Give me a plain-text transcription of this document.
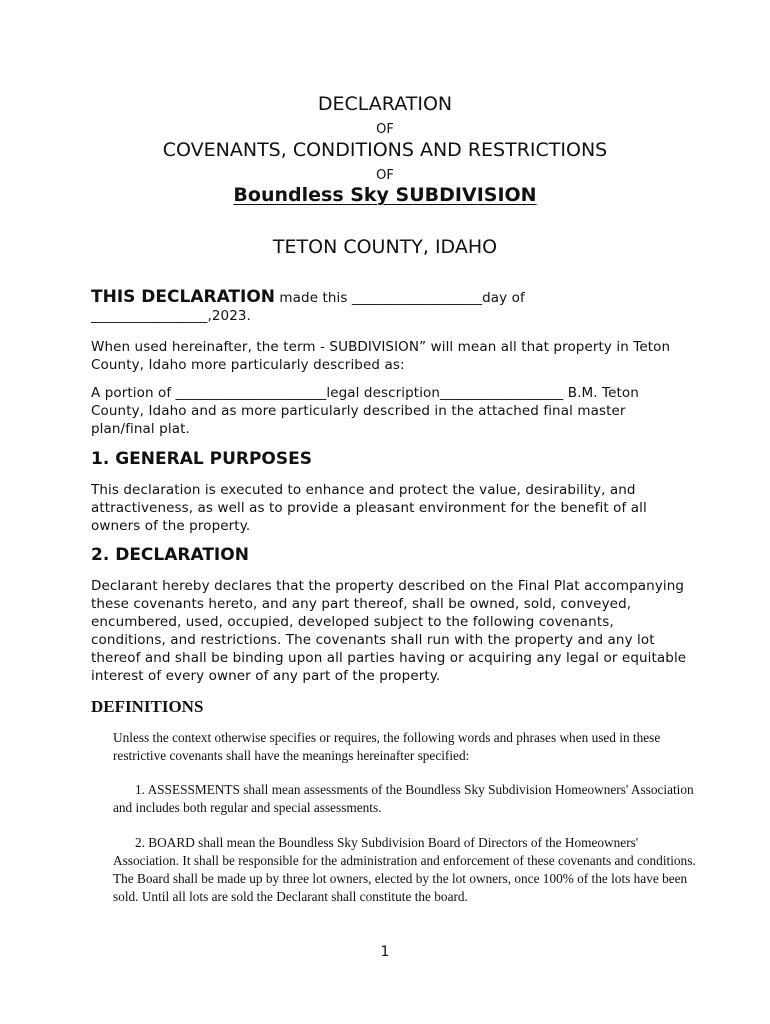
DECLARATION
OF
COVENANTS, CONDITIONS AND RESTRICTIONS
OF
Boundless Sky SUBDIVISION
TETON COUNTY, IDAHO
THIS DECLARATION made this ___________________day of
_________________,2023.
When used hereinafter, the term - SUBDIVISION” will mean all that property in Teton County, Idaho more particularly described as:
A portion of ______________________legal description__________________ B.M. Teton County, Idaho and as more particularly described in the attached final master plan/final plat.
1. GENERAL PURPOSES
This declaration is executed to enhance and protect the value, desirability, and attractiveness, as well as to provide a pleasant environment for the benefit of all owners of the property.
2. DECLARATION
Declarant hereby declares that the property described on the Final Plat accompanying these covenants hereto, and any part thereof, shall be owned, sold, conveyed, encumbered, used, occupied, developed subject to the following covenants, conditions, and restrictions. The covenants shall run with the property and any lot thereof and shall be binding upon all parties having or acquiring any legal or equitable interest of every owner of any part of the property.
DEFINITIONS
Unless the context otherwise specifies or requires, the following words and phrases when used in these restrictive covenants shall have the meanings hereinafter specified:
1. ASSESSMENTS shall mean assessments of the Boundless Sky Subdivision Homeowners' Association and includes both regular and special assessments.
2. BOARD shall mean the Boundless Sky Subdivision Board of Directors of the Homeowners' Association. It shall be responsible for the administration and enforcement of these covenants and conditions. The Board shall be made up by three lot owners, elected by the lot owners, once 100% of the lots have been sold. Until all lots are sold the Declarant shall constitute the board.
1
